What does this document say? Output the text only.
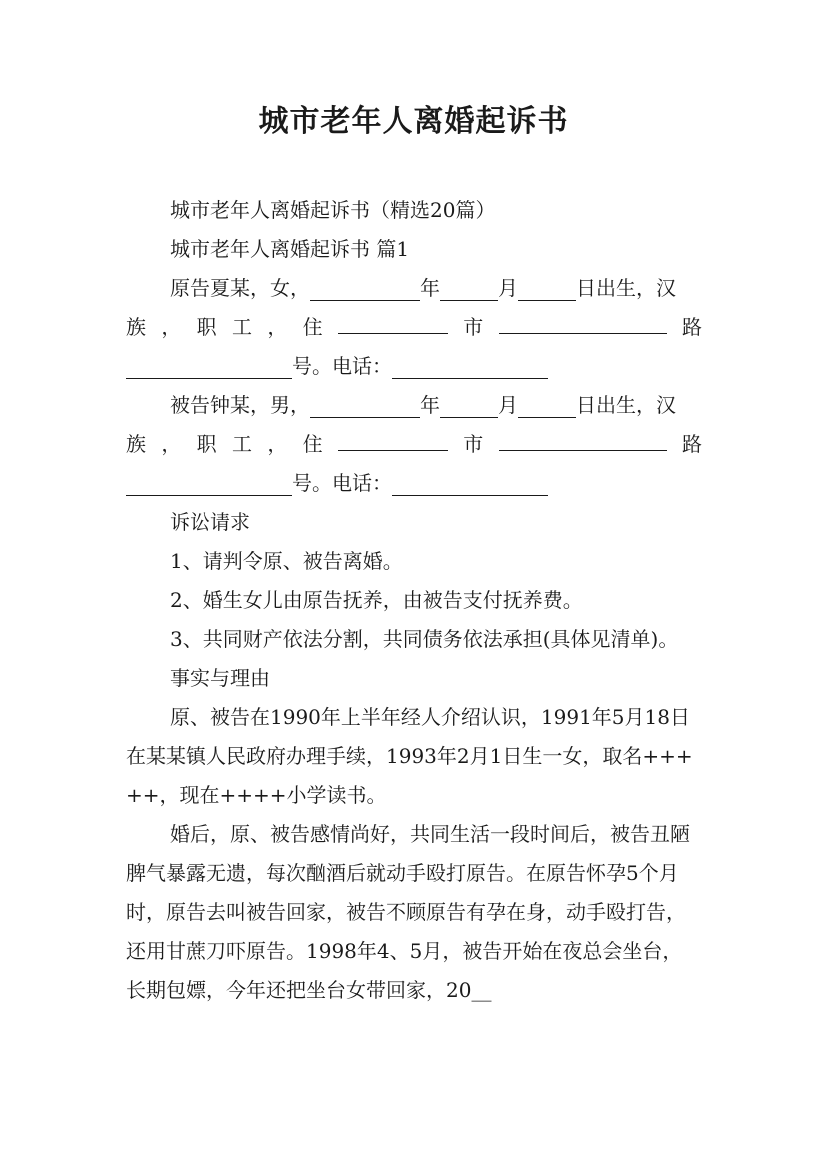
城市老年人离婚起诉书

城市老年人离婚起诉书（精选20篇）

城市老年人离婚起诉书 篇1

原告夏某，女，	年	月	日出生，汉
族 ， 职 工 ， 住	市	路
号。电话：
被告钟某，男，	年	月	日出生，汉
族 ， 职 工 ， 住	市	路
号。电话：

诉讼请求

1、请判令原、被告离婚。

2、婚生女儿由原告抚养，由被告支付抚养费。

3、共同财产依法分割，共同债务依法承担(具体见清单)。

事实与理由

原、被告在1990年上半年经人介绍认识，1991年5月18日在某某镇人民政府办理手续，1993年2月1日生一女，取名+++++，现在++++小学读书。

婚后，原、被告感情尚好，共同生活一段时间后，被告丑陋脾气暴露无遗，每次酗酒后就动手殴打原告。在原告怀孕5个月时，原告去叫被告回家，被告不顾原告有孕在身，动手殴打告，还用甘蔗刀吓原告。1998年4、5月，被告开始在夜总会坐台，长期包嫖，今年还把坐台女带回家，20__
